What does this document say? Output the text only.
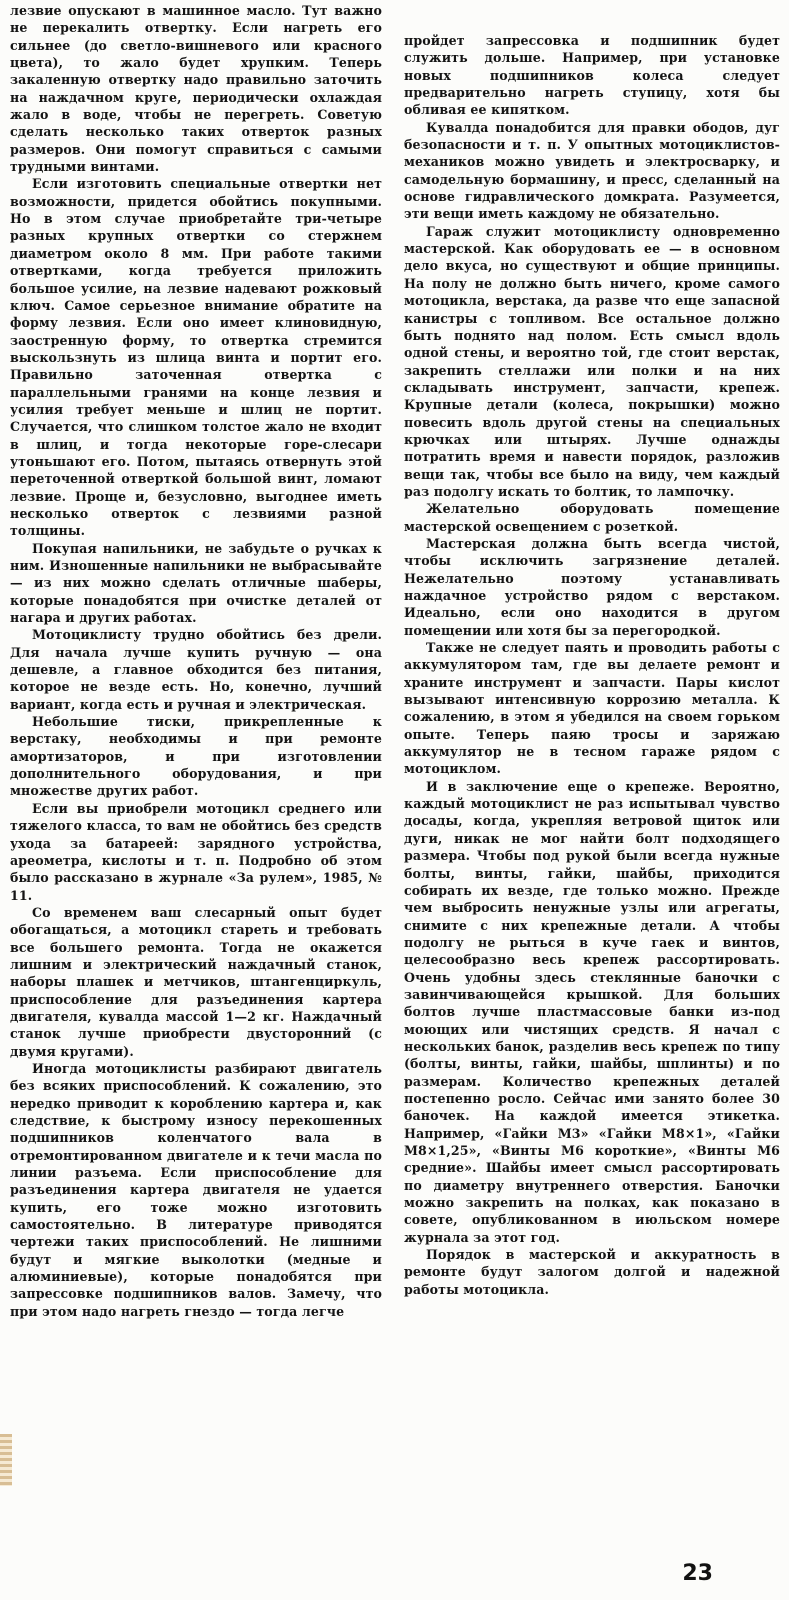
лезвие опускают в машинное масло. Тут важно не перекалить отвертку. Если нагреть его сильнее (до светло-вишневого или красного цвета), то жало будет хрупким. Теперь закаленную отвертку надо правильно заточить на наждачном круге, периодически охлаждая жало в воде, чтобы не перегреть. Советую сделать несколько таких отверток разных размеров. Они помогут справиться с самыми трудными винтами.

Если изготовить специальные отвертки нет возможности, придется обойтись покупными. Но в этом случае приобретайте три-четыре разных крупных отвертки со стержнем диаметром около 8 мм. При работе такими отвертками, когда требуется приложить большое усилие, на лезвие надевают рожковый ключ. Самое серьезное внимание обратите на форму лезвия. Если оно имеет клиновидную, заостренную форму, то отвертка стремится выскользнуть из шлица винта и портит его. Правильно заточенная отвертка с параллельными гранями на конце лезвия и усилия требует меньше и шлиц не портит. Случается, что слишком толстое жало не входит в шлиц, и тогда некоторые горе-слесари утоньшают его. Потом, пытаясь отвернуть этой переточенной отверткой большой винт, ломают лезвие. Проще и, безусловно, выгоднее иметь несколько отверток с лезвиями разной толщины.

Покупая напильники, не забудьте о ручках к ним. Изношенные напильники не выбрасывайте — из них можно сделать отличные шаберы, которые понадобятся при очистке деталей от нагара и других работах.

Мотоциклисту трудно обойтись без дрели. Для начала лучше купить ручную — она дешевле, а главное обходится без питания, которое не везде есть. Но, конечно, лучший вариант, когда есть и ручная и электрическая.

Небольшие тиски, прикрепленные к верстаку, необходимы и при ремонте амортизаторов, и при изготовлении дополнительного оборудования, и при множестве других работ.

Если вы приобрели мотоцикл среднего или тяжелого класса, то вам не обойтись без средств ухода за батареей: зарядного устройства, ареометра, кислоты и т. п. Подробно об этом было рассказано в журнале «За рулем», 1985, № 11.

Со временем ваш слесарный опыт будет обогащаться, а мотоцикл стареть и требовать все большего ремонта. Тогда не окажется лишним и электрический наждачный станок, наборы плашек и метчиков, штангенциркуль, приспособление для разъединения картера двигателя, кувалда массой 1—2 кг. Наждачный станок лучше приобрести двусторонний (с двумя кругами).

Иногда мотоциклисты разбирают двигатель без всяких приспособлений. К сожалению, это нередко приводит к короблению картера и, как следствие, к быстрому износу перекошенных подшипников коленчатого вала в отремонтированном двигателе и к течи масла по линии разъема. Если приспособление для разъединения картера двигателя не удается купить, его тоже можно изготовить самостоятельно. В литературе приводятся чертежи таких приспособлений. Не лишними будут и мягкие выколотки (медные и алюминиевые), которые понадобятся при запрессовке подшипников валов. Замечу, что при этом надо нагреть гнездо — тогда легче

пройдет запрессовка и подшипник будет служить дольше. Например, при установке новых подшипников колеса следует предварительно нагреть ступицу, хотя бы обливая ее кипятком.

Кувалда понадобится для правки ободов, дуг безопасности и т. п. У опытных мотоциклистов-механиков можно увидеть и электросварку, и самодельную бормашину, и пресс, сделанный на основе гидравлического домкрата. Разумеется, эти вещи иметь каждому не обязательно.

Гараж служит мотоциклисту одновременно мастерской. Как оборудовать ее — в основном дело вкуса, но существуют и общие принципы. На полу не должно быть ничего, кроме самого мотоцикла, верстака, да разве что еще запасной канистры с топливом. Все остальное должно быть поднято над полом. Есть смысл вдоль одной стены, и вероятно той, где стоит верстак, закрепить стеллажи или полки и на них складывать инструмент, запчасти, крепеж. Крупные детали (колеса, покрышки) можно повесить вдоль другой стены на специальных крючках или штырях. Лучше однажды потратить время и навести порядок, разложив вещи так, чтобы все было на виду, чем каждый раз подолгу искать то болтик, то лампочку.

Желательно оборудовать помещение мастерской освещением с розеткой.

Мастерская должна быть всегда чистой, чтобы исключить загрязнение деталей. Нежелательно поэтому устанавливать наждачное устройство рядом с верстаком. Идеально, если оно находится в другом помещении или хотя бы за перегородкой.

Также не следует паять и проводить работы с аккумулятором там, где вы делаете ремонт и храните инструмент и запчасти. Пары кислот вызывают интенсивную коррозию металла. К сожалению, в этом я убедился на своем горьком опыте. Теперь паяю тросы и заряжаю аккумулятор не в тесном гараже рядом с мотоциклом.

И в заключение еще о крепеже. Вероятно, каждый мотоциклист не раз испытывал чувство досады, когда, укрепляя ветровой щиток или дуги, никак не мог найти болт подходящего размера. Чтобы под рукой были всегда нужные болты, винты, гайки, шайбы, приходится собирать их везде, где только можно. Прежде чем выбросить ненужные узлы или агрегаты, снимите с них крепежные детали. А чтобы подолгу не рыться в куче гаек и винтов, целесообразно весь крепеж рассортировать. Очень удобны здесь стеклянные баночки с завинчивающейся крышкой. Для больших болтов лучше пластмассовые банки из-под моющих или чистящих средств. Я начал с нескольких банок, разделив весь крепеж по типу (болты, винты, гайки, шайбы, шплинты) и по размерам. Количество крепежных деталей постепенно росло. Сейчас ими занято более 30 баночек. На каждой имеется этикетка. Например, «Гайки М3» «Гайки М8×1», «Гайки М8×1,25», «Винты М6 короткие», «Винты М6 средние». Шайбы имеет смысл рассортировать по диаметру внутреннего отверстия. Баночки можно закрепить на полках, как показано в совете, опубликованном в июльском номере журнала за этот год.

Порядок в мастерской и аккуратность в ремонте будут залогом долгой и надежной работы мотоцикла.

23
